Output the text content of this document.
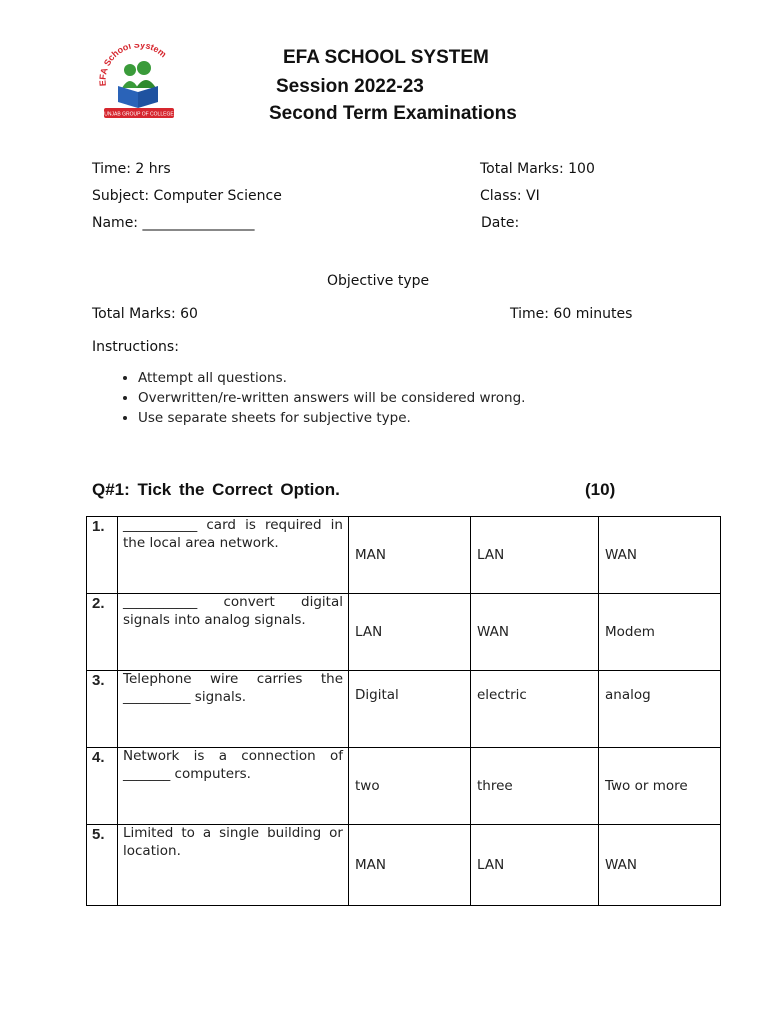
EFA School System
PUNJAB GROUP OF COLLEGES
EFA SCHOOL SYSTEM
Session 2022-23
Second Term Examinations
Time: 2 hrs
Subject: Computer Science
Name: ________________
Total Marks: 100
Class: VI
Date:
Objective type
Total Marks: 60	Time: 60 minutes
Instructions:
• Attempt all questions.
• Overwritten/re-written answers will be considered wrong.
• Use separate sheets for subjective type.
Q#1: Tick the Correct Option.	(10)
1.	___________ card is required in the local area network.	MAN	LAN	WAN
2.	___________ convert digital signals into analog signals.	LAN	WAN	Modem
3.	Telephone wire carries the __________ signals.	Digital	electric	analog
4.	Network is a connection of _______ computers.	two	three	Two or more
5.	Limited to a single building or location.	MAN	LAN	WAN
